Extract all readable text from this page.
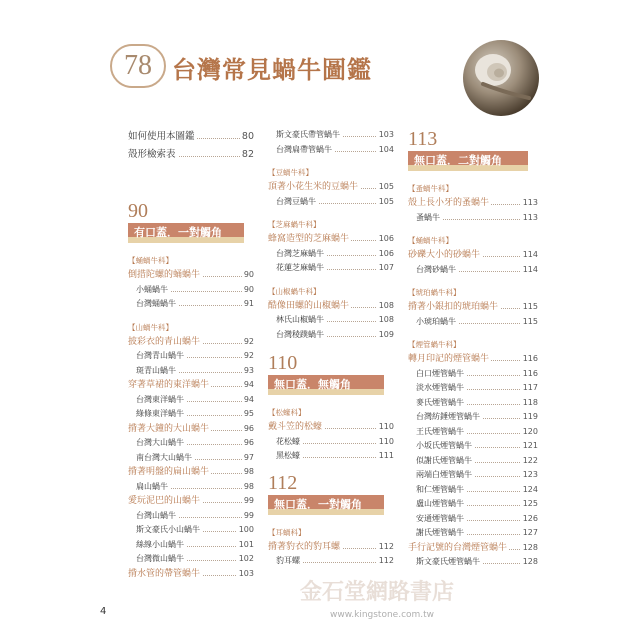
78 台灣常見蝸牛圖鑑
如何使用本圖鑑	80
殼形檢索表	82
90
有口蓋．一對觸角
【蛹蝸牛科】
倒措陀螺的蛹蝸牛	90
小蛹蝸牛	90
台灣蛹蝸牛	91
【山蝸牛科】
披彩衣的青山蝸牛	92
台灣青山蝸牛	92
斑青山蝸牛	93
穿著草裙的東洋蝸牛	94
台灣東洋蝸牛	94
綠條東洋蝸牛	95
揹著大鐘的大山蝸牛	96
台灣大山蝸牛	96
南台灣大山蝸牛	97
揹著明盤的扁山蝸牛	98
扁山蝸牛	98
愛玩泥巴的山蝸牛	99
台灣山蝸牛	99
斯文豪氏小山蝸牛	100
絲線小山蝸牛	101
台灣微山蝸牛	102
揹水管的帶管蝸牛	103
斯文豪氏帶管蝸牛	103
台灣扁帶管蝸牛	104
【豆蝸牛科】
頂著小花生米的豆蝸牛	105
台灣豆蝸牛	105
【芝麻蝸牛科】
蜂窩造型的芝麻蝸牛	106
台灣芝麻蝸牛	106
花蓮芝麻蝸牛	107
【山椒蝸牛科】
酷像田螺的山椒蝸牛	108
林氏山椒蝸牛	108
台灣稜蹼蝸牛	109
110
無口蓋．無觸角
【松蠔科】
戴斗笠的松蠔	110
花松蠔	110
黑松蠔	111
112
無口蓋．一對觸角
【耳蝸科】
揹著豹衣的豹耳螺	112
豹耳螺	112
113
無口蓋．二對觸角
【蚤蝸牛科】
殼上長小牙的蚤蝸牛	113
蚤蝸牛	113
【蛹蝸牛科】
砂礫大小的砂蝸牛	114
台灣砂蝸牛	114
【琥珀蝸牛科】
揹著小銀扣的琥珀蝸牛	115
小琥珀蝸牛	115
【煙管蝸牛科】
轉月印記的煙管蝸牛	116
白口煙管蝸牛	116
淡水煙管蝸牛	117
麥氏煙管蝸牛	118
台灣紡錘煙管蝸牛	119
王氏煙管蝸牛	120
小坂氏煙管蝸牛	121
似謝氏煙管蝸牛	122
兩端白煙管蝸牛	123
和仁煙管蝸牛	124
盧山煙管蝸牛	125
安通煙管蝸牛	126
謝氏煙管蝸牛	127
手行記號的台灣煙管蝸牛 128
斯文豪氏煙管蝸牛	128
4
金石堂網路書店
www.kingstone.com.tw
